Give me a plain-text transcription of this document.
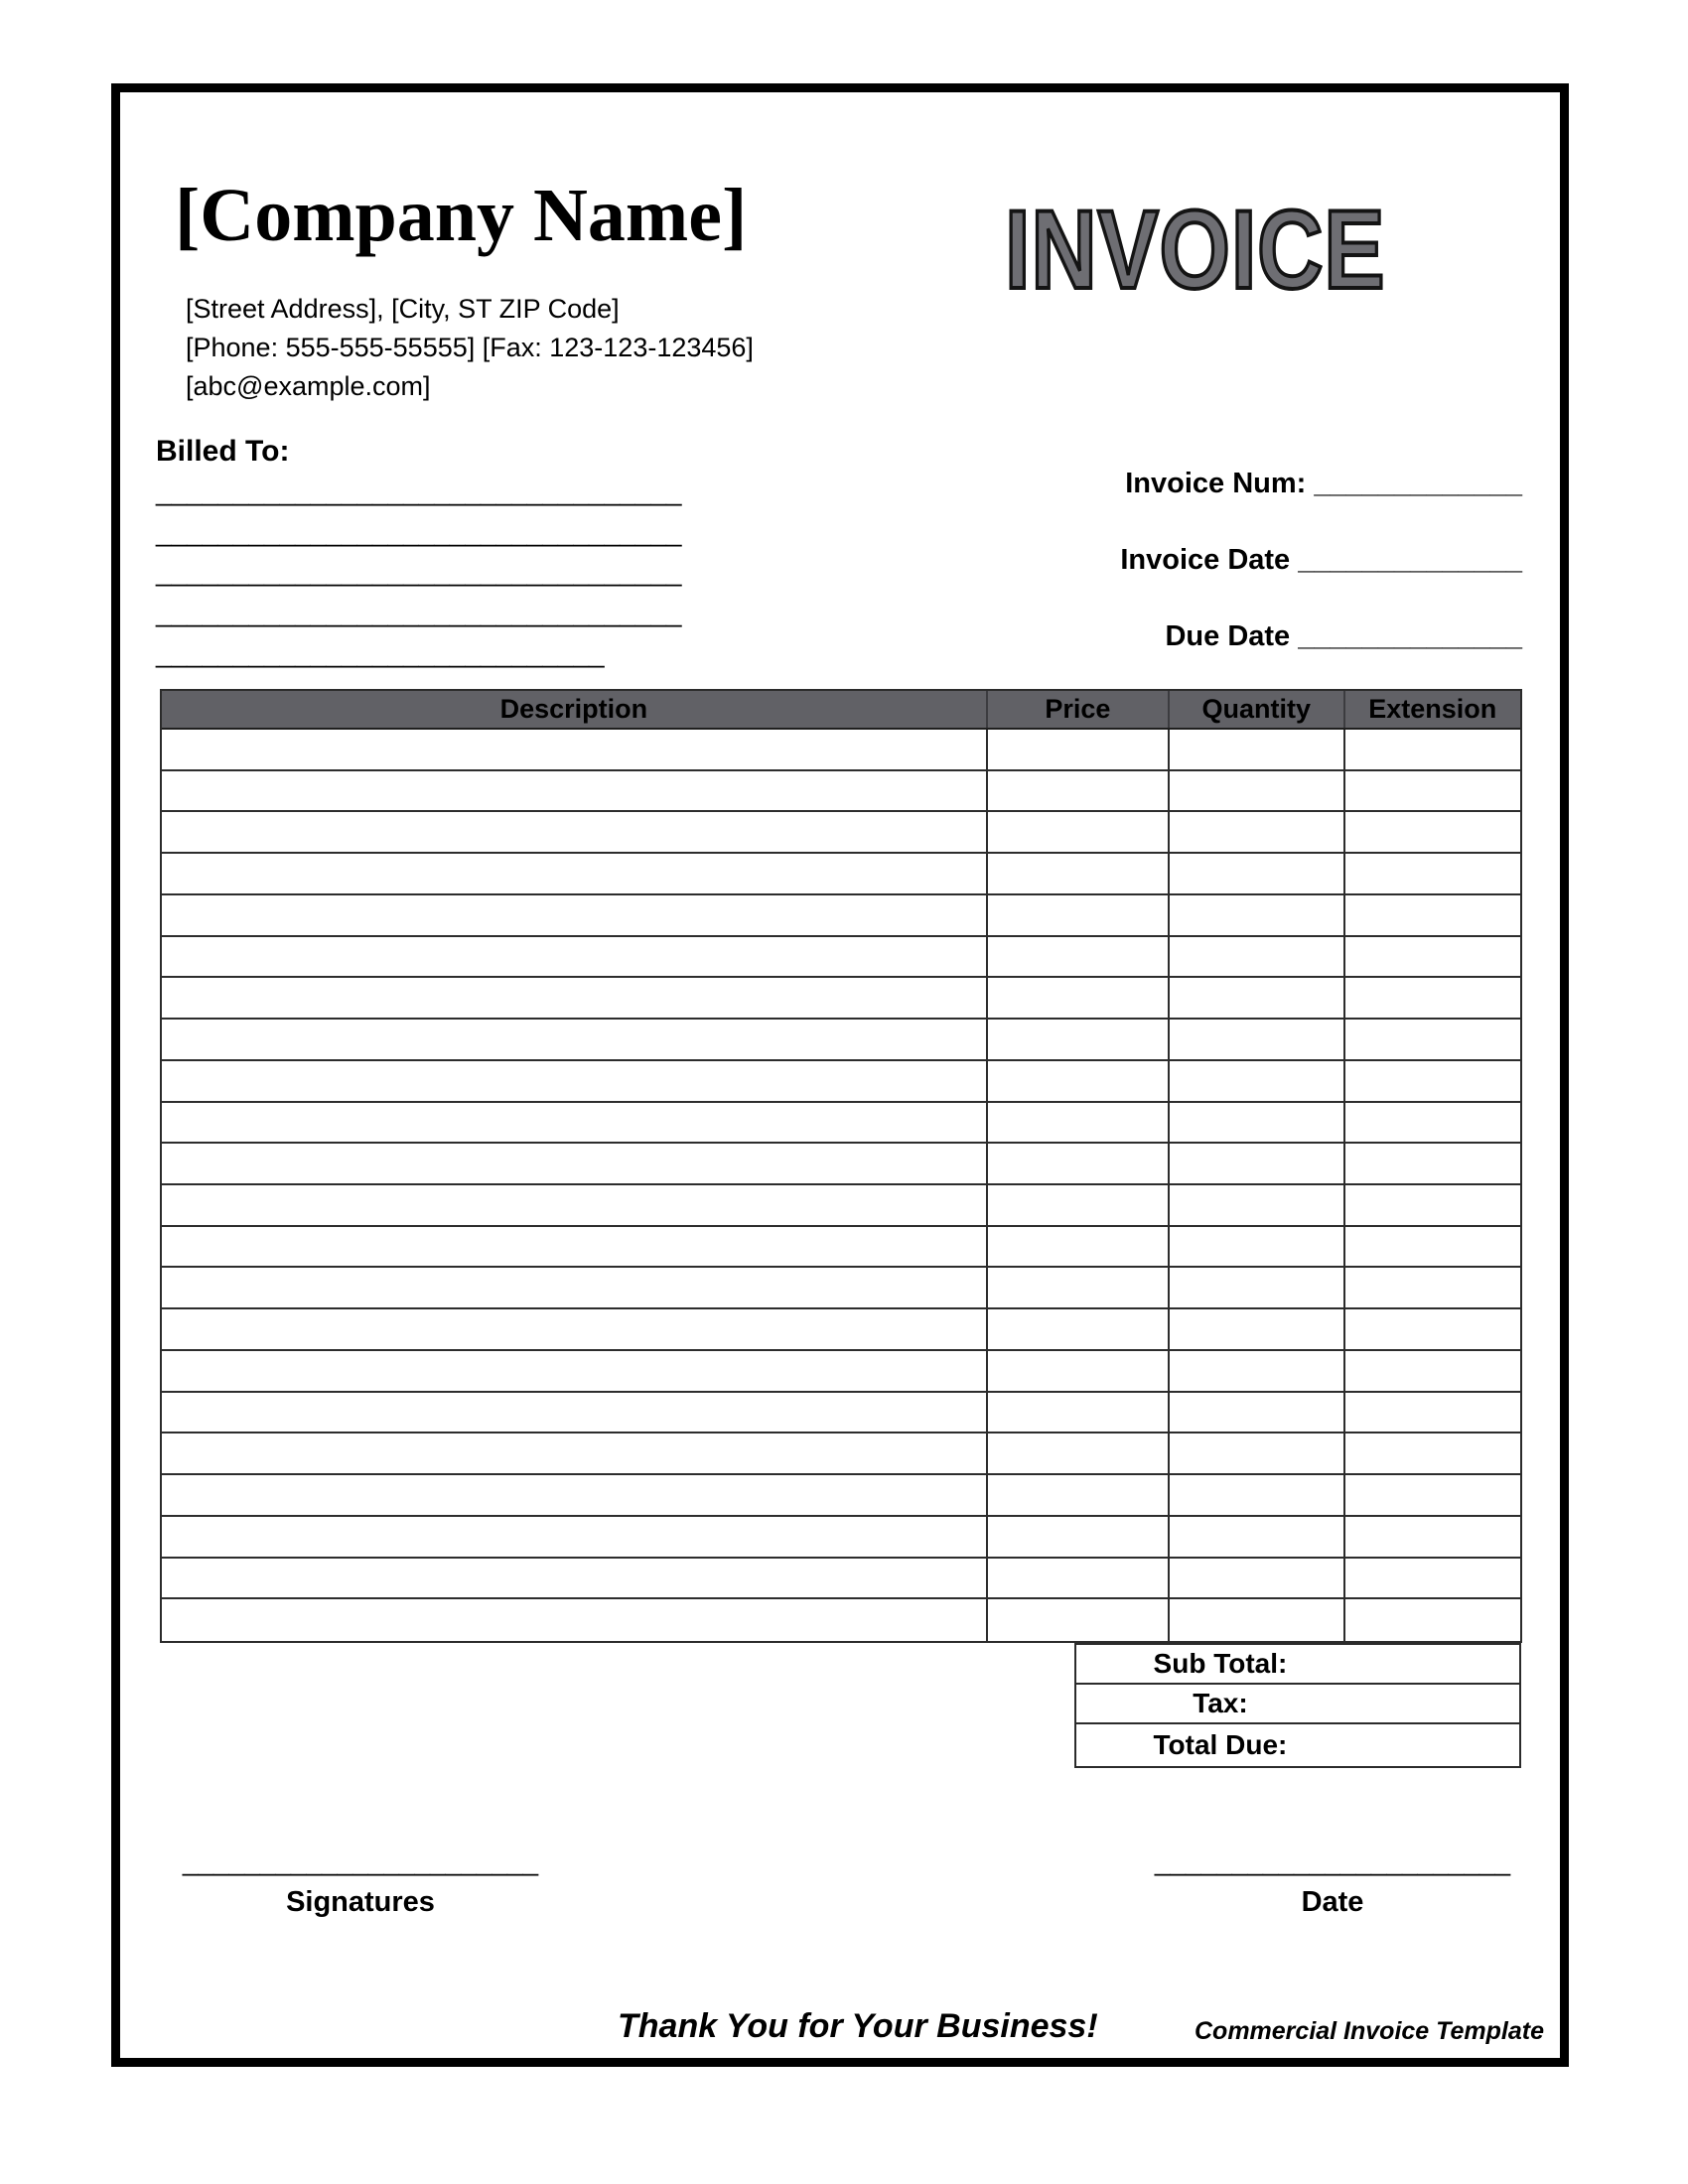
[Company Name]
[Street Address], [City, ST ZIP Code]
[Phone: 555-555-55555] [Fax: 123-123-123456]
[abc@example.com]
INVOICE
Billed To:
__________________________________
__________________________________
__________________________________
__________________________________
_____________________________
Invoice Num: _____________
Invoice Date ______________
Due Date ______________
Description	Price	Quantity	Extension
Sub Total:
Tax:
Total Due:
_______________________
Signatures
_______________________
Date
Thank You for Your Business!	Commercial Invoice Template
